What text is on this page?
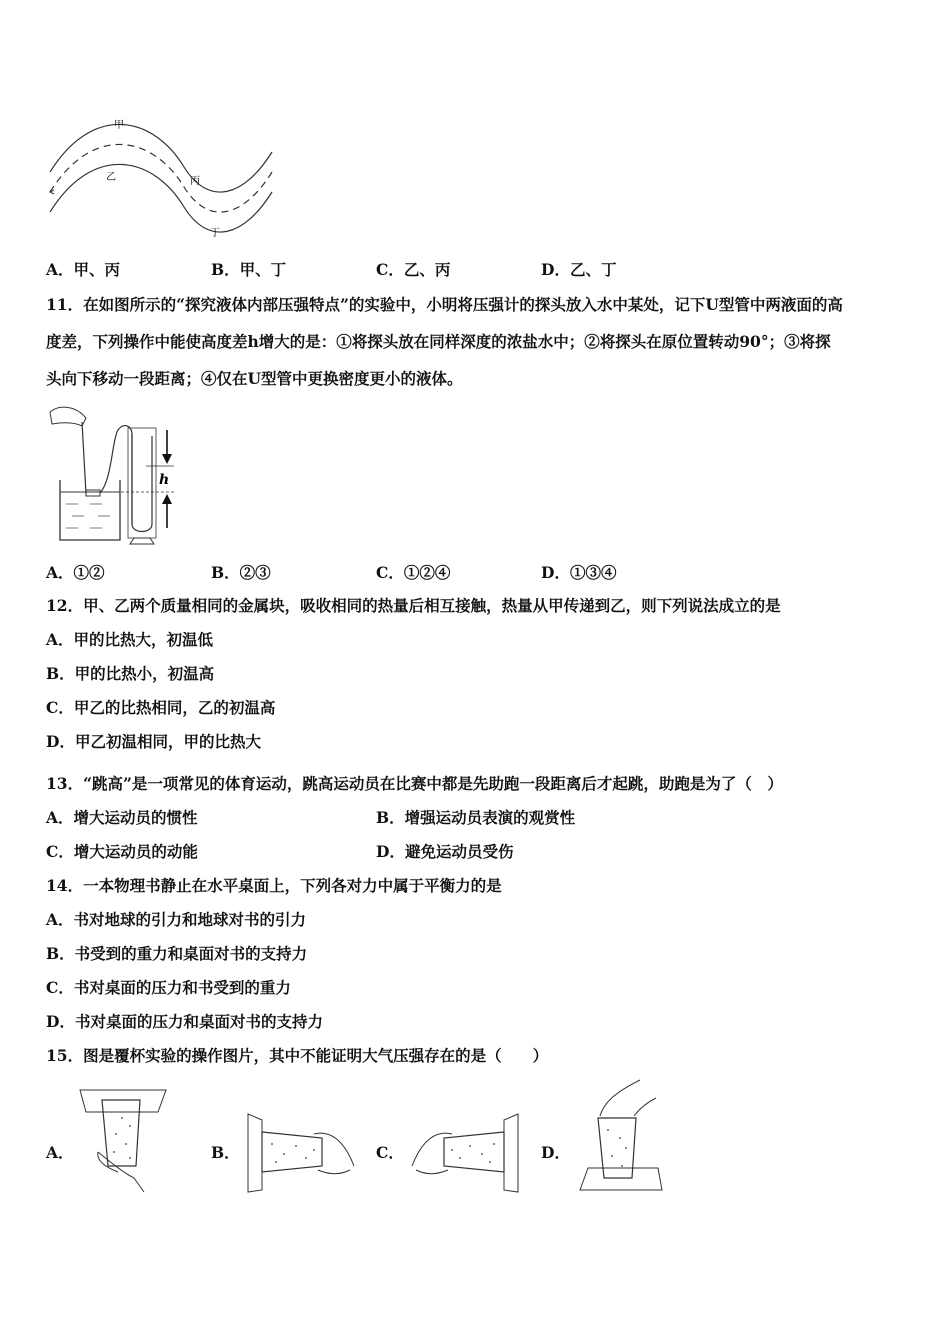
甲
乙	丙
丁
A．甲、丙	B．甲、丁	C．乙、丙	D．乙、丁
11．在如图所示的“探究液体内部压强特点”的实验中，小明将压强计的探头放入水中某处，记下U型管中两液面的高
度差，下列操作中能使高度差h增大的是：①将探头放在同样深度的浓盐水中；②将探头在原位置转动90°；③将探
头向下移动一段距离；④仅在U型管中更换密度更小的液体。
h
A．①②	B．②③	C．①②④	D．①③④
12．甲、乙两个质量相同的金属块，吸收相同的热量后相互接触，热量从甲传递到乙，则下列说法成立的是
A．甲的比热大，初温低
B．甲的比热小，初温高
C．甲乙的比热相同，乙的初温高
D．甲乙初温相同，甲的比热大
13．“跳高”是一项常见的体育运动，跳高运动员在比赛中都是先助跑一段距离后才起跳，助跑是为了（　）
A．增大运动员的惯性	B．增强运动员表演的观赏性
C．增大运动员的动能	D．避免运动员受伤
14．一本物理书静止在水平桌面上，下列各对力中属于平衡力的是
A．书对地球的引力和地球对书的引力
B．书受到的重力和桌面对书的支持力
C．书对桌面的压力和书受到的重力
D．书对桌面的压力和桌面对书的支持力
15．图是覆杯实验的操作图片，其中不能证明大气压强存在的是（　　）
A．	B．	C．	D．
